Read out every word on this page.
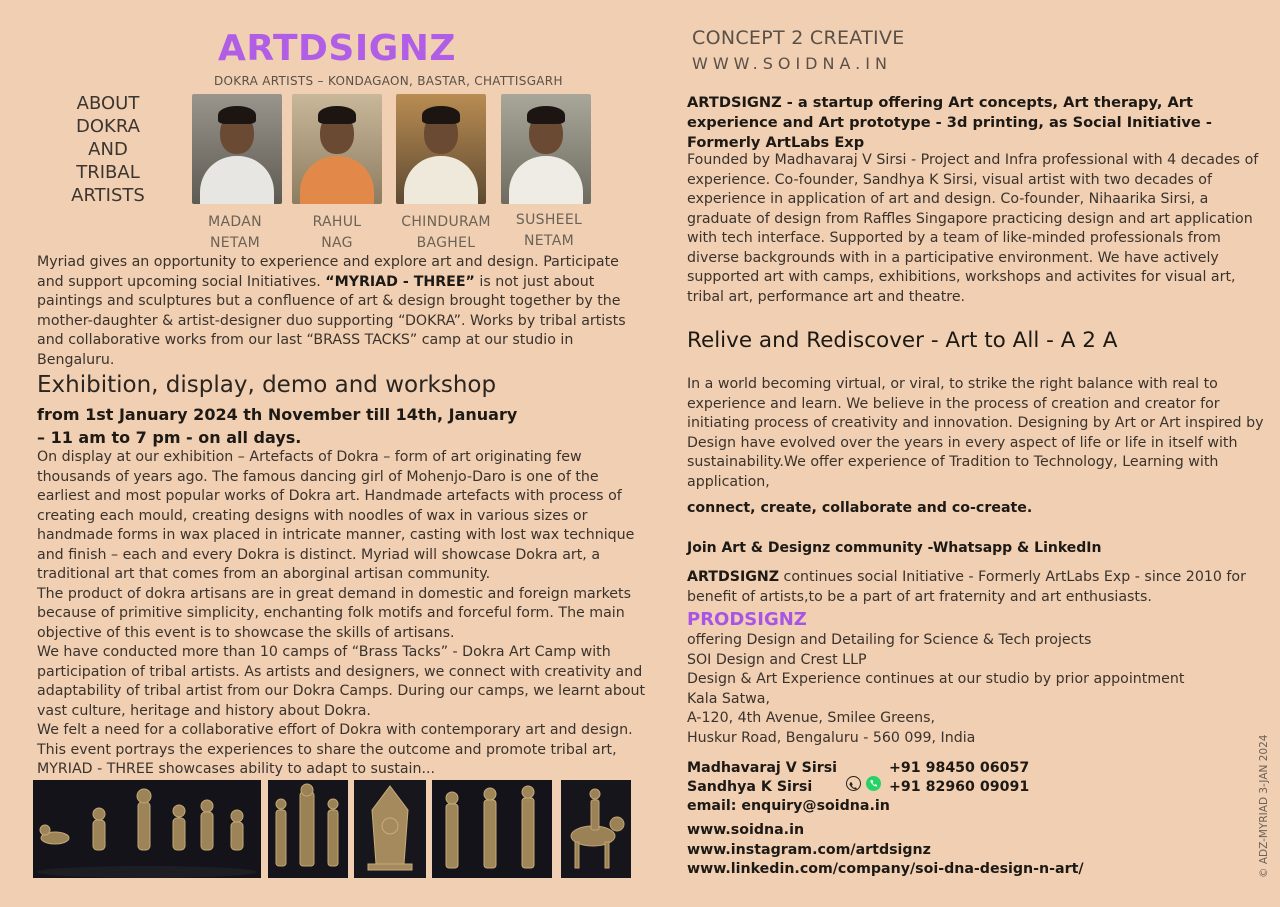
ARTDSIGNZ
DOKRA ARTISTS – KONDAGAON, BASTAR, CHATTISGARH
ABOUT
DOKRA
AND
TRIBAL
ARTISTS
MADAN
NETAM
RAHUL
NAG
CHINDURAM
BAGHEL
SUSHEEL
NETAM
Myriad gives an opportunity to experience and explore art and design. Participate and support upcoming social Initiatives. “MYRIAD - THREE” is not just about paintings and sculptures but a confluence of art & design brought together by the mother-daughter & artist-designer duo supporting “DOKRA”. Works by tribal artists and collaborative works from our last “BRASS TACKS” camp at our studio in Bengaluru.
Exhibition, display, demo and workshop
from 1st January 2024 th November till 14th, January
– 11 am to 7 pm - on all days.
On display at our exhibition – Artefacts of Dokra – form of art originating few thousands of years ago. The famous dancing girl of Mohenjo-Daro is one of the earliest and most popular works of Dokra art. Handmade artefacts with process of creating each mould, creating designs with noodles of wax in various sizes or handmade forms in wax placed in intricate manner, casting with lost wax technique and finish – each and every Dokra is distinct. Myriad will showcase Dokra art, a traditional art that comes from an aborginal artisan community.
The product of dokra artisans are in great demand in domestic and foreign markets because of primitive simplicity, enchanting folk motifs and forceful form. The main objective of this event is to showcase the skills of artisans.
We have conducted more than 10 camps of “Brass Tacks” - Dokra Art Camp with participation of tribal artists. As artists and designers, we connect with creativity and adaptability of tribal artist from our Dokra Camps. During our camps, we learnt about vast culture, heritage and history about Dokra.
We felt a need for a collaborative effort of Dokra with contemporary art and design. This event portrays the experiences to share the outcome and promote tribal art, MYRIAD - THREE showcases ability to adapt to sustain...
CONCEPT 2 CREATIVE
WWW.SOIDNA.IN
ARTDSIGNZ - a startup offering Art concepts, Art therapy, Art experience and Art prototype - 3d printing, as Social Initiative - Formerly ArtLabs Exp
Founded by Madhavaraj V Sirsi - Project and Infra professional with 4 decades of experience. Co-founder, Sandhya K Sirsi, visual artist with two decades of experience in application of art and design. Co-founder, Nihaarika Sirsi, a graduate of design from Raffles Singapore practicing design and art application with tech interface. Supported by a team of like-minded professionals from diverse backgrounds with in a participative environment. We have actively supported art with camps, exhibitions, workshops and activites for visual art, tribal art, performance art and theatre.
Relive and Rediscover - Art to All - A 2 A
In a world becoming virtual, or viral, to strike the right balance with real to experience and learn. We believe in the process of creation and creator for initiating process of creativity and innovation. Designing by Art or Art inspired by Design have evolved over the years in every aspect of life or life in itself with sustainability.We offer experience of Tradition to Technology, Learning with application,
connect, create, collaborate and co-create.
Join Art & Designz community -Whatsapp & LinkedIn
ARTDSIGNZ continues social Initiative - Formerly ArtLabs Exp - since 2010 for benefit of artists,to be a part of art fraternity and art enthusiasts.
PRODSIGNZ
offering Design and Detailing for Science & Tech projects
SOI Design and Crest LLP
Design & Art Experience continues at our studio by prior appointment
Kala Satwa,
A-120, 4th Avenue, Smilee Greens,
Huskur Road, Bengaluru - 560 099, India
Madhavaraj V Sirsi
Sandhya K Sirsi
+91 98450 06057
+91 82960 09091
email: enquiry@soidna.in
www.soidna.in
www.instagram.com/artdsignz
www.linkedin.com/company/soi-dna-design-n-art/	© ADZ-MYRIAD 3-JAN 2024
